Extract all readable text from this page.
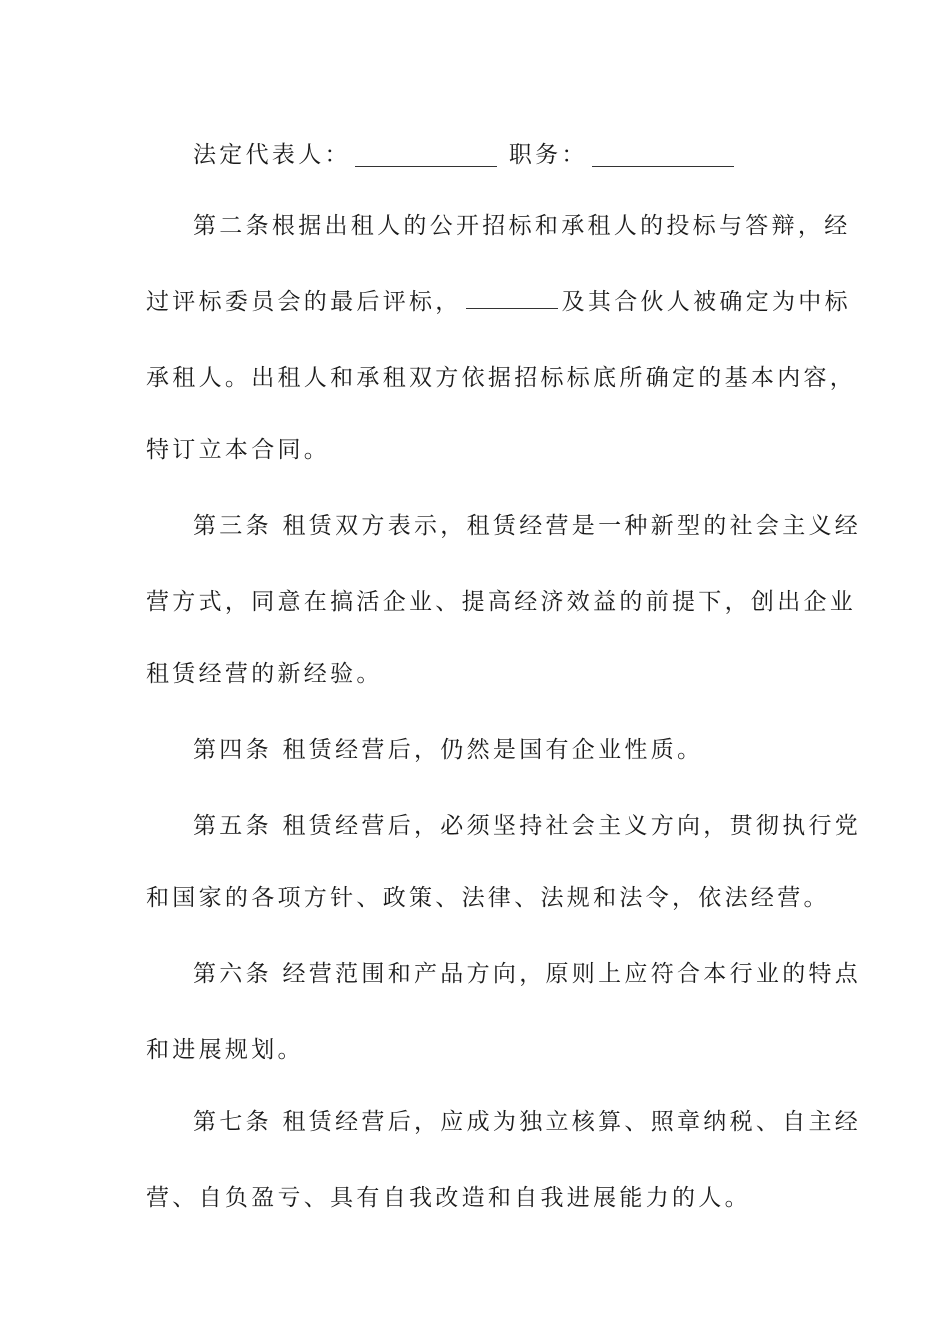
法定代表人：	职务：
第二条根据出租人的公开招标和承租人的投标与答辩，经
过评标委员会的最后评标，	及其合伙人被确定为中标
承租人。出租人和承租双方依据招标标底所确定的基本内容，
特订立本合同。
第三条 租赁双方表示，租赁经营是一种新型的社会主义经
营方式，同意在搞活企业、提高经济效益的前提下，创出企业
租赁经营的新经验。
第四条 租赁经营后，仍然是国有企业性质。
第五条 租赁经营后，必须坚持社会主义方向，贯彻执行党
和国家的各项方针、政策、法律、法规和法令，依法经营。
第六条 经营范围和产品方向，原则上应符合本行业的特点
和进展规划。
第七条 租赁经营后，应成为独立核算、照章纳税、自主经
营、自负盈亏、具有自我改造和自我进展能力的人。
